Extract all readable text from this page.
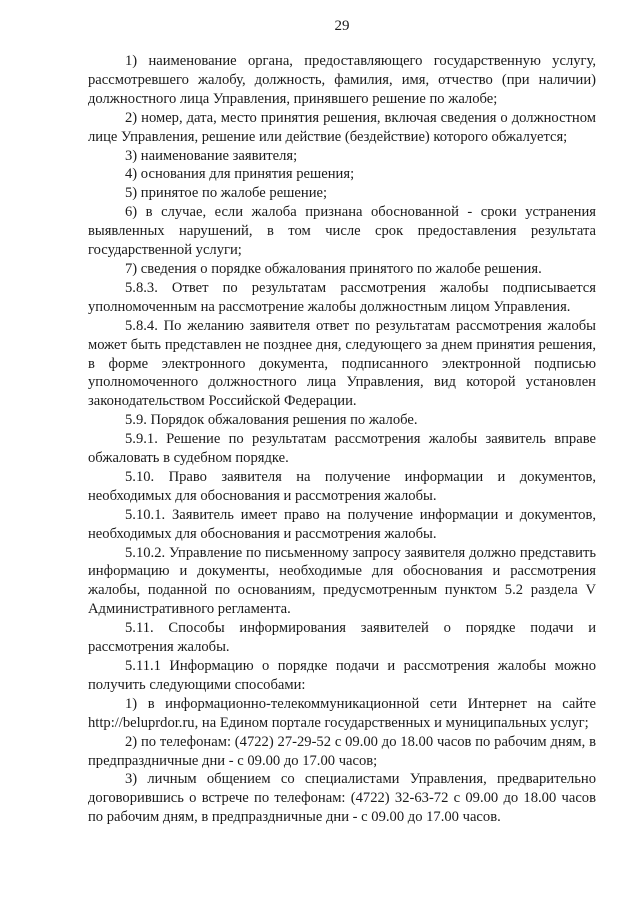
29

1) наименование органа, предоставляющего государственную услугу, рассмотревшего жалобу, должность, фамилия, имя, отчество (при наличии) должностного лица Управления, принявшего решение по жалобе;

2) номер, дата, место принятия решения, включая сведения о должностном лице Управления, решение или действие (бездействие) которого обжалуется;

3) наименование заявителя;

4) основания для принятия решения;

5) принятое по жалобе решение;

6) в случае, если жалоба признана обоснованной - сроки устранения выявленных нарушений, в том числе срок предоставления результата государственной услуги;

7) сведения о порядке обжалования принятого по жалобе решения.

5.8.3. Ответ по результатам рассмотрения жалобы подписывается уполномоченным на рассмотрение жалобы должностным лицом Управления.

5.8.4. По желанию заявителя ответ по результатам рассмотрения жалобы может быть представлен не позднее дня, следующего за днем принятия решения, в форме электронного документа, подписанного электронной подписью уполномоченного должностного лица Управления, вид которой установлен законодательством Российской Федерации.

5.9. Порядок обжалования решения по жалобе.

5.9.1. Решение по результатам рассмотрения жалобы заявитель вправе обжаловать в судебном порядке.

5.10. Право заявителя на получение информации и документов, необходимых для обоснования и рассмотрения жалобы.

5.10.1. Заявитель имеет право на получение информации и документов, необходимых для обоснования и рассмотрения жалобы.

5.10.2. Управление по письменному запросу заявителя должно представить информацию и документы, необходимые для обоснования и рассмотрения жалобы, поданной по основаниям, предусмотренным пунктом 5.2 раздела V Административного регламента.

5.11. Способы информирования заявителей о порядке подачи и рассмотрения жалобы.

5.11.1 Информацию о порядке подачи и рассмотрения жалобы можно получить следующими способами:

1) в информационно-телекоммуникационной сети Интернет на сайте http://beluprdor.ru, на Едином портале государственных и муниципальных услуг;

2) по телефонам: (4722) 27-29-52 с 09.00 до 18.00 часов по рабочим дням, в предпраздничные дни - с 09.00 до 17.00 часов;

3) личным общением со специалистами Управления, предварительно договорившись о встрече по телефонам: (4722) 32-63-72 с 09.00 до 18.00 часов по рабочим дням, в предпраздничные дни - с 09.00 до 17.00 часов.
